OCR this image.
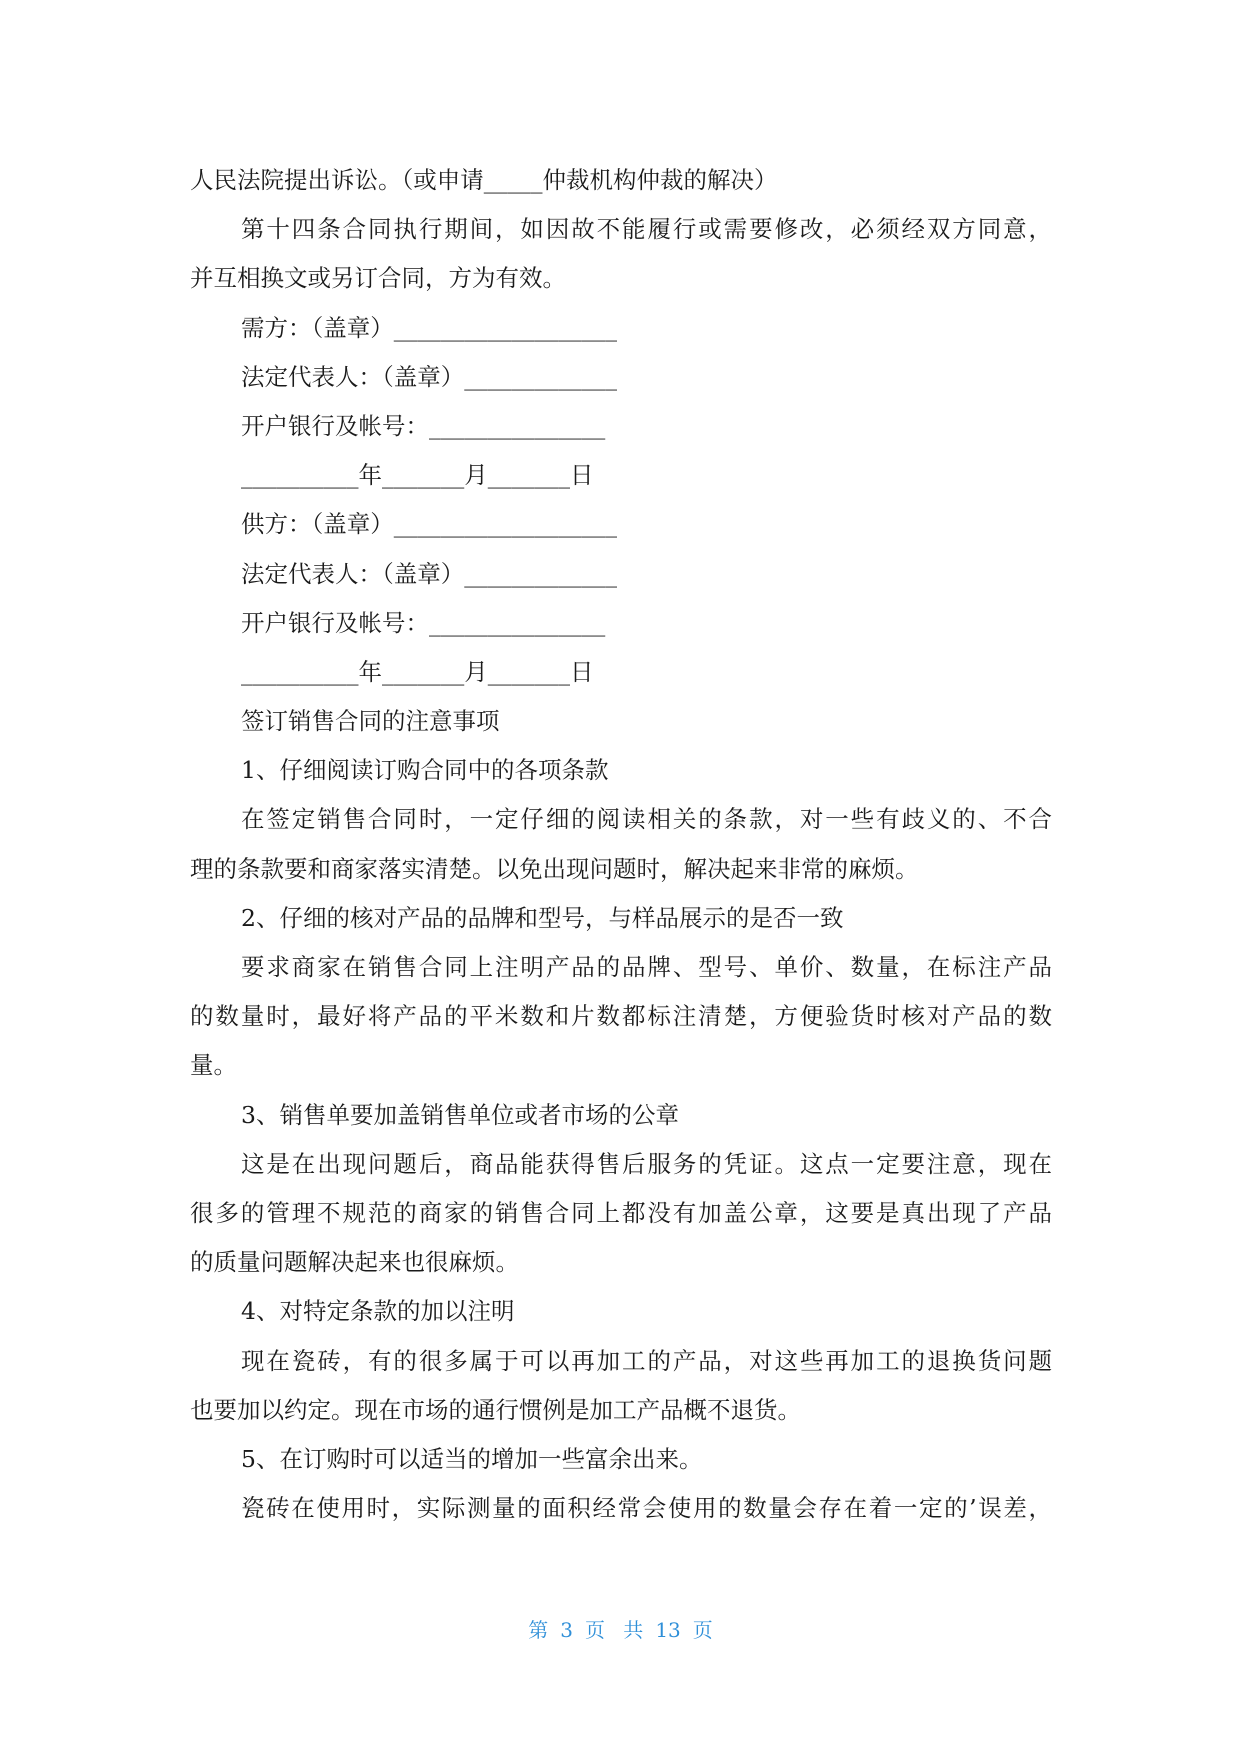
人民法院提出诉讼。（或申请_____仲裁机构仲裁的解决）

第十四条合同执行期间，如因故不能履行或需要修改，必须经双方同意，

并互相换文或另订合同，方为有效。

需方：（盖章）___________________

法定代表人：（盖章）_____________

开户银行及帐号：_______________

__________年_______月_______日

供方：（盖章）___________________

法定代表人：（盖章）_____________

开户银行及帐号：_______________

__________年_______月_______日

签订销售合同的注意事项

1、仔细阅读订购合同中的各项条款

在签定销售合同时，一定仔细的阅读相关的条款，对一些有歧义的、不合

理的条款要和商家落实清楚。以免出现问题时，解决起来非常的麻烦。

2、仔细的核对产品的品牌和型号，与样品展示的是否一致

要求商家在销售合同上注明产品的品牌、型号、单价、数量，在标注产品

的数量时，最好将产品的平米数和片数都标注清楚，方便验货时核对产品的数

量。

3、销售单要加盖销售单位或者市场的公章

这是在出现问题后，商品能获得售后服务的凭证。这点一定要注意，现在

很多的管理不规范的商家的销售合同上都没有加盖公章，这要是真出现了产品

的质量问题解决起来也很麻烦。

4、对特定条款的加以注明

现在瓷砖，有的很多属于可以再加工的产品，对这些再加工的退换货问题

也要加以约定。现在市场的通行惯例是加工产品概不退货。

5、在订购时可以适当的增加一些富余出来。

瓷砖在使用时，实际测量的面积经常会使用的数量会存在着一定的’误差，

第 3 页 共 13 页
